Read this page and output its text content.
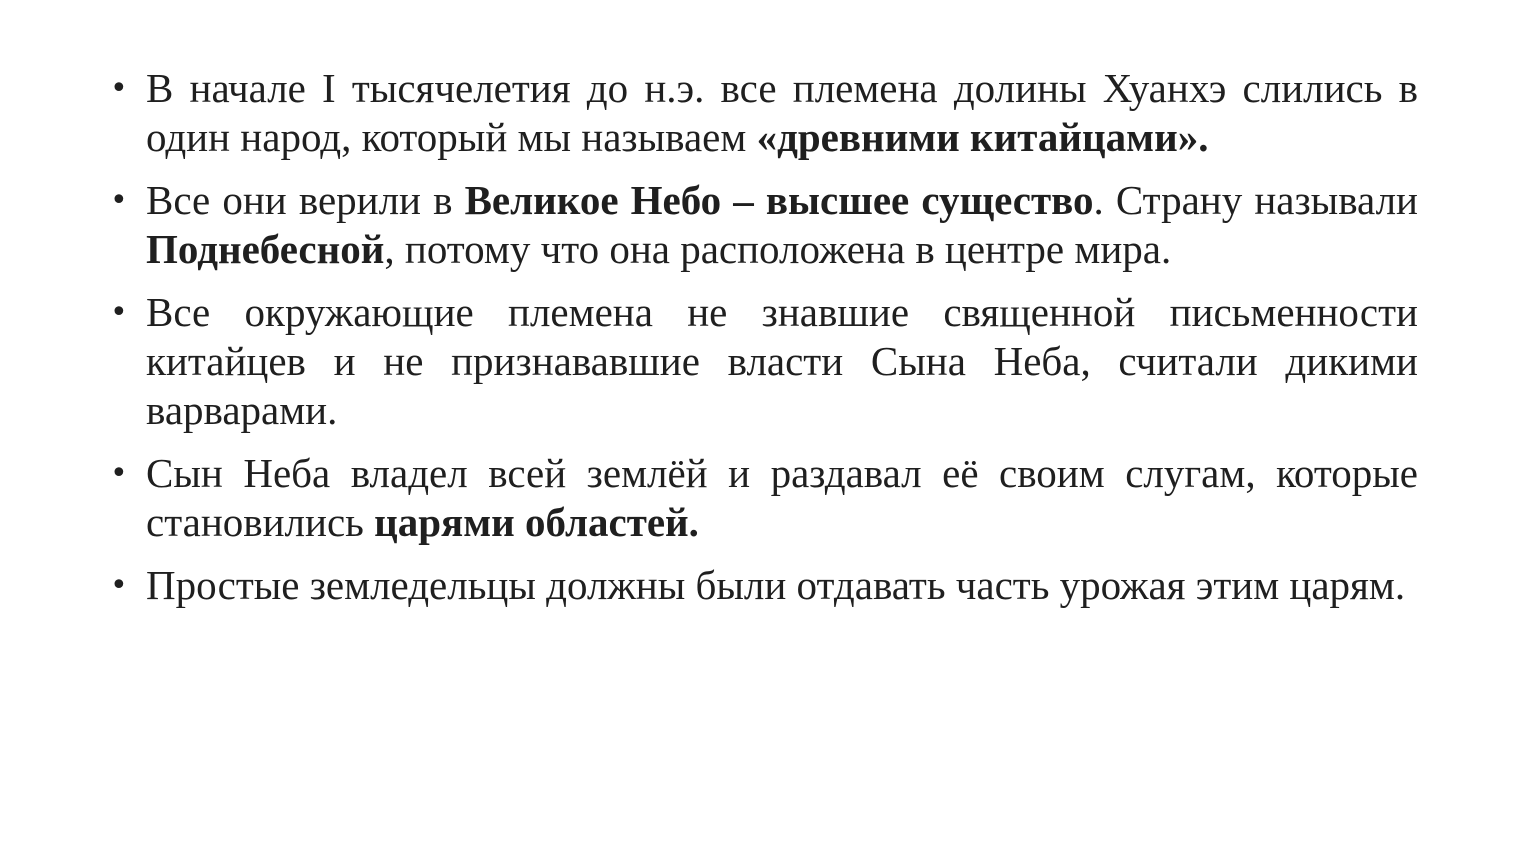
• В начале I тысячелетия до н.э. все племена долины Хуанхэ слились в один народ, который мы называем «древними китайцами».
• Все они верили в Великое Небо – высшее существо. Страну называли Поднебесной, потому что она расположена в центре мира.
• Все окружающие племена не знавшие священной письменности китайцев и не признававшие власти Сына Неба, считали дикими варварами.
• Сын Неба владел всей землёй и раздавал её своим слугам, которые становились царями областей.
• Простые земледельцы должны были отдавать часть урожая этим царям.
